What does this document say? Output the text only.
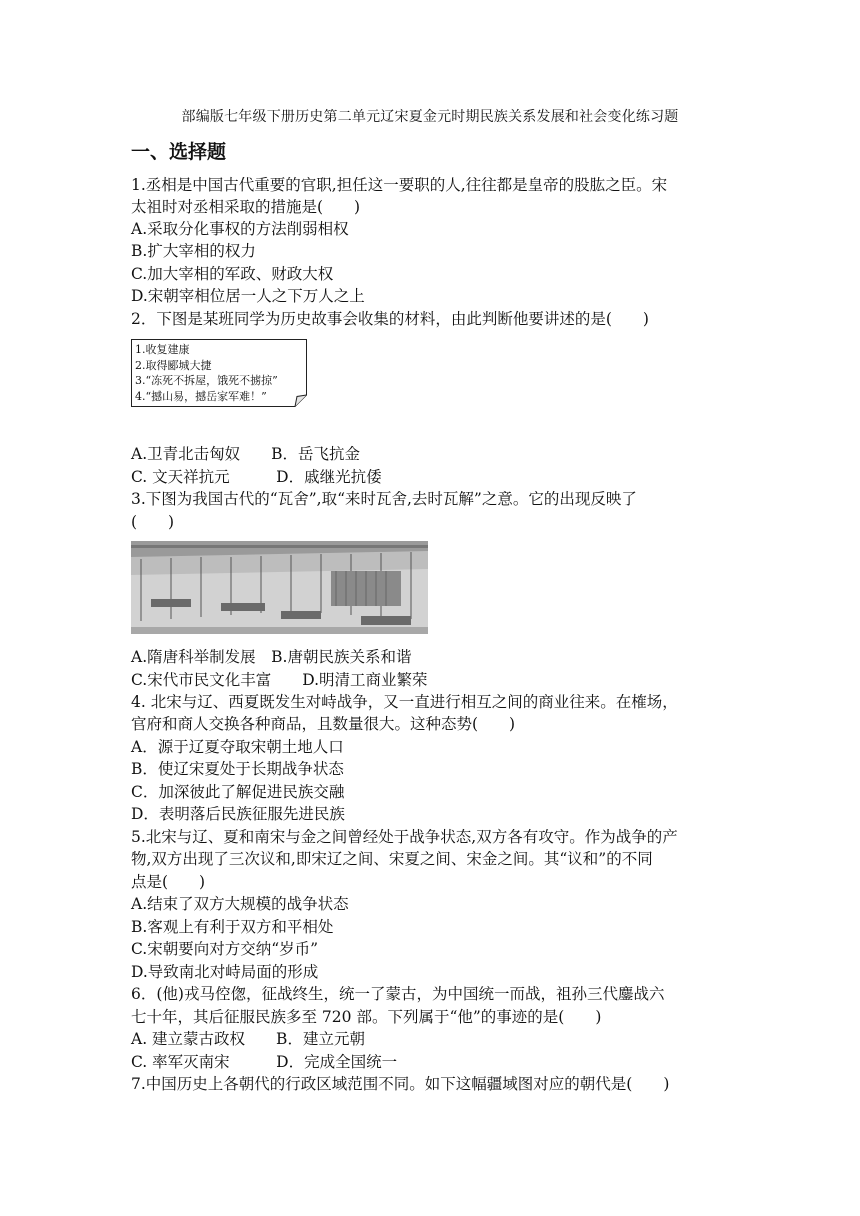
部编版七年级下册历史第二单元辽宋夏金元时期民族关系发展和社会变化练习题
一、选择题
1.丞相是中国古代重要的官职,担任这一要职的人,往往都是皇帝的股肱之臣。宋
太祖时对丞相采取的措施是(　　)
A.采取分化事权的方法削弱相权
B.扩大宰相的权力
C.加大宰相的军政、财政大权
D.宋朝宰相位居一人之下万人之上
2．下图是某班同学为历史故事会收集的材料，由此判断他要讲述的是(　　)
1.收复建康
2.取得郾城大捷
3.“冻死不拆屋，饿死不掳掠”
4.“撼山易，撼岳家军难！”
A.卫青北击匈奴　　B．岳飞抗金
C. 文天祥抗元　　　D．戚继光抗倭
3.下图为我国古代的“瓦舍”,取“来时瓦舍,去时瓦解”之意。它的出现反映了
(　　)
A.隋唐科举制发展　B.唐朝民族关系和谐
C.宋代市民文化丰富　　D.明清工商业繁荣
4. 北宋与辽、西夏既发生对峙战争，又一直进行相互之间的商业往来。在榷场，
官府和商人交换各种商品，且数量很大。这种态势(　　)
A．源于辽夏夺取宋朝土地人口
B．使辽宋夏处于长期战争状态
C．加深彼此了解促进民族交融
D．表明落后民族征服先进民族
5.北宋与辽、夏和南宋与金之间曾经处于战争状态,双方各有攻守。作为战争的产
物,双方出现了三次议和,即宋辽之间、宋夏之间、宋金之间。其“议和”的不同
点是(　　)
A.结束了双方大规模的战争状态
B.客观上有利于双方和平相处
C.宋朝要向对方交纳“岁币”
D.导致南北对峙局面的形成
6．(他)戎马倥偬，征战终生，统一了蒙古，为中国统一而战，祖孙三代鏖战六
七十年，其后征服民族多至 720 部。下列属于“他”的事迹的是(　　)
A. 建立蒙古政权　　B．建立元朝
C. 率军灭南宋　　　D．完成全国统一
7.中国历史上各朝代的行政区域范围不同。如下这幅疆域图对应的朝代是(　　)
